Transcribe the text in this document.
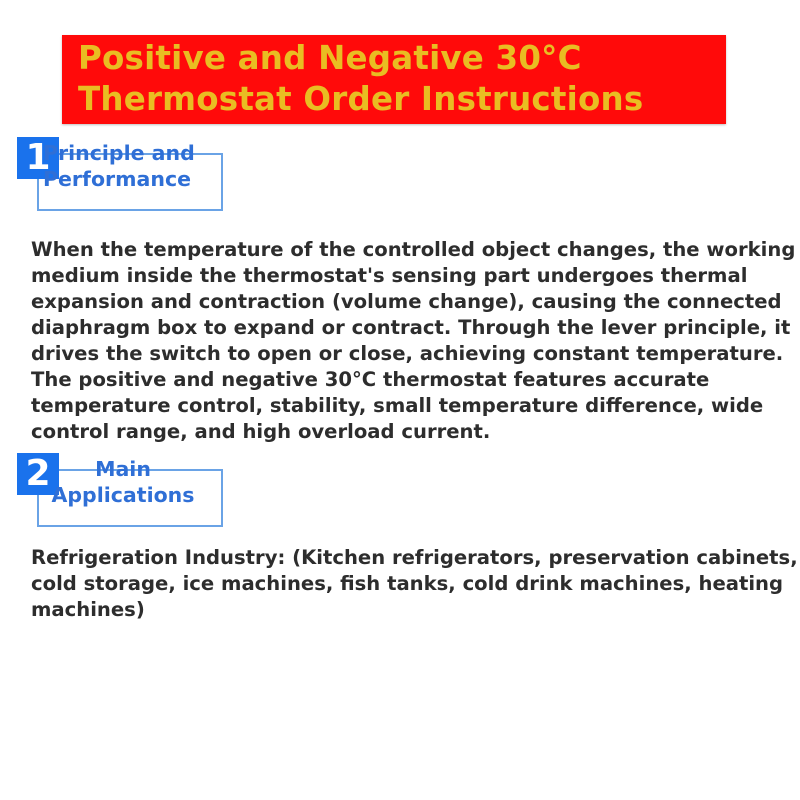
Positive and Negative 30°C
Thermostat Order Instructions
1
Principle and
Performance
When the temperature of the controlled object changes, the working
medium inside the thermostat's sensing part undergoes thermal
expansion and contraction (volume change), causing the connected
diaphragm box to expand or contract. Through the lever principle, it
drives the switch to open or close, achieving constant temperature.
The positive and negative 30°C thermostat features accurate
temperature control, stability, small temperature difference, wide
control range, and high overload current.
2	Main
Applications
Refrigeration Industry: (Kitchen refrigerators, preservation cabinets,
cold storage, ice machines, fish tanks, cold drink machines, heating
machines)
